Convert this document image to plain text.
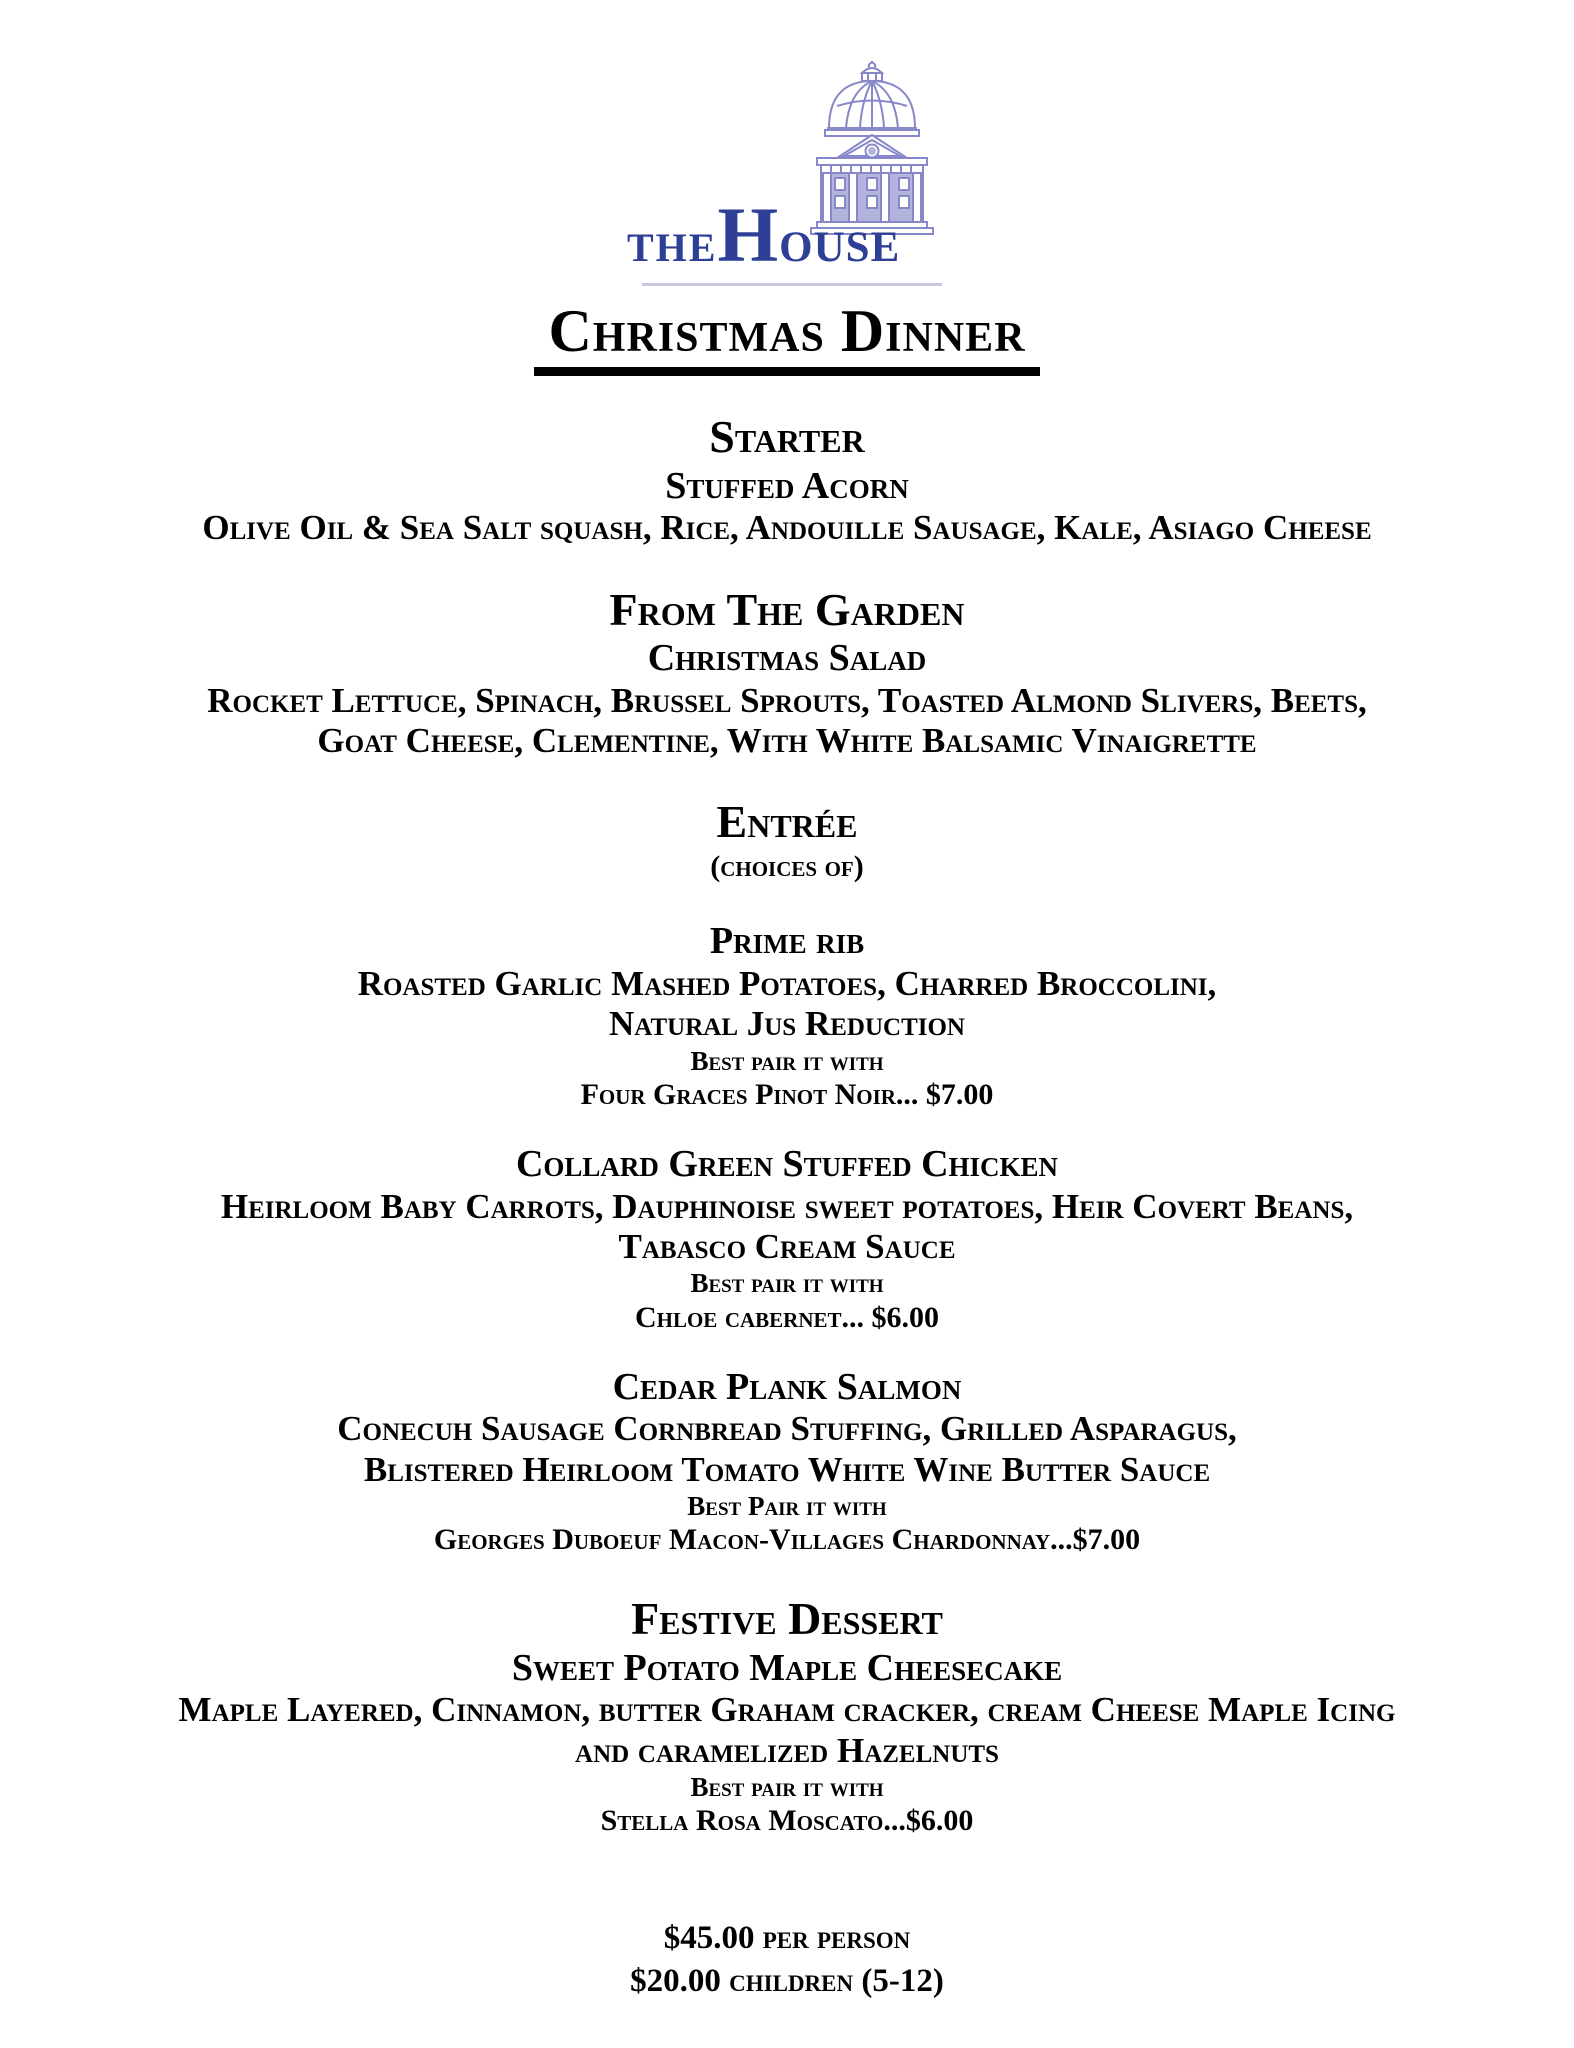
THE House
Christmas Dinner
Starter
Stuffed Acorn
Olive Oil & Sea Salt squash, Rice, Andouille Sausage, Kale, Asiago Cheese
From The Garden
Christmas Salad
Rocket Lettuce, Spinach, Brussel Sprouts, Toasted Almond Slivers, Beets,
Goat Cheese, Clementine, With White Balsamic Vinaigrette
Entrée
(choices of)
Prime rib
Roasted Garlic Mashed Potatoes, Charred Broccolini,
Natural Jus Reduction
Best pair it with
Four Graces Pinot Noir... $7.00
Collard Green Stuffed Chicken
Heirloom Baby Carrots, Dauphinoise sweet potatoes, Heir Covert Beans,
Tabasco Cream Sauce
Best pair it with
Chloe cabernet... $6.00
Cedar Plank Salmon
Conecuh Sausage Cornbread Stuffing, Grilled Asparagus,
Blistered Heirloom Tomato White Wine Butter Sauce
Best Pair it with
Georges Duboeuf Macon-Villages Chardonnay...$7.00
Festive Dessert
Sweet Potato Maple Cheesecake
Maple Layered, Cinnamon, butter Graham cracker, cream Cheese Maple Icing
and caramelized Hazelnuts
Best pair it with
Stella Rosa Moscato...$6.00
$45.00 per person
$20.00 children (5-12)
